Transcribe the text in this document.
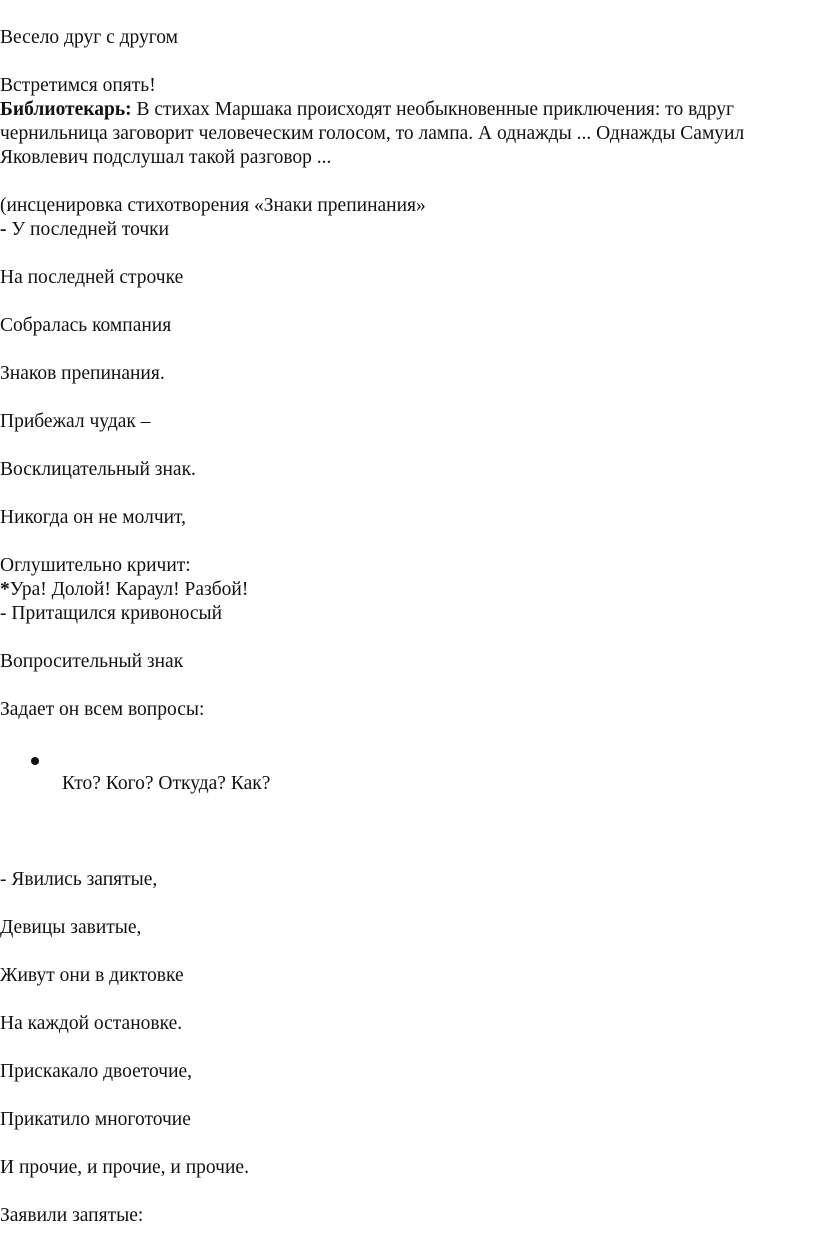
Весело друг с другом
Встретимся опять!
Библиотекарь: В стихах Маршака происходят необыкновенные приключения: то вдруг чернильница заговорит человеческим голосом, то лампа. А однажды ... Однажды Самуил Яковлевич подслушал такой разговор ...
(инсценировка стихотворения «Знаки препинания»
- У последней точки
На последней строчке
Собралась компания
Знаков препинания.
Прибежал чудак –
Восклицательный знак.
Никогда он не молчит,
Оглушительно кричит:
*Ура! Долой! Караул! Разбой!
- Притащился кривоносый
Вопросительный знак
Задает он всем вопросы:
Кто? Кого? Откуда? Как?
- Явились запятые,
Девицы завитые,
Живут они в диктовке
На каждой остановке.
Прискакало двоеточие,
Прикатило многоточие
И прочие, и прочие, и прочие.
Заявили запятые:
